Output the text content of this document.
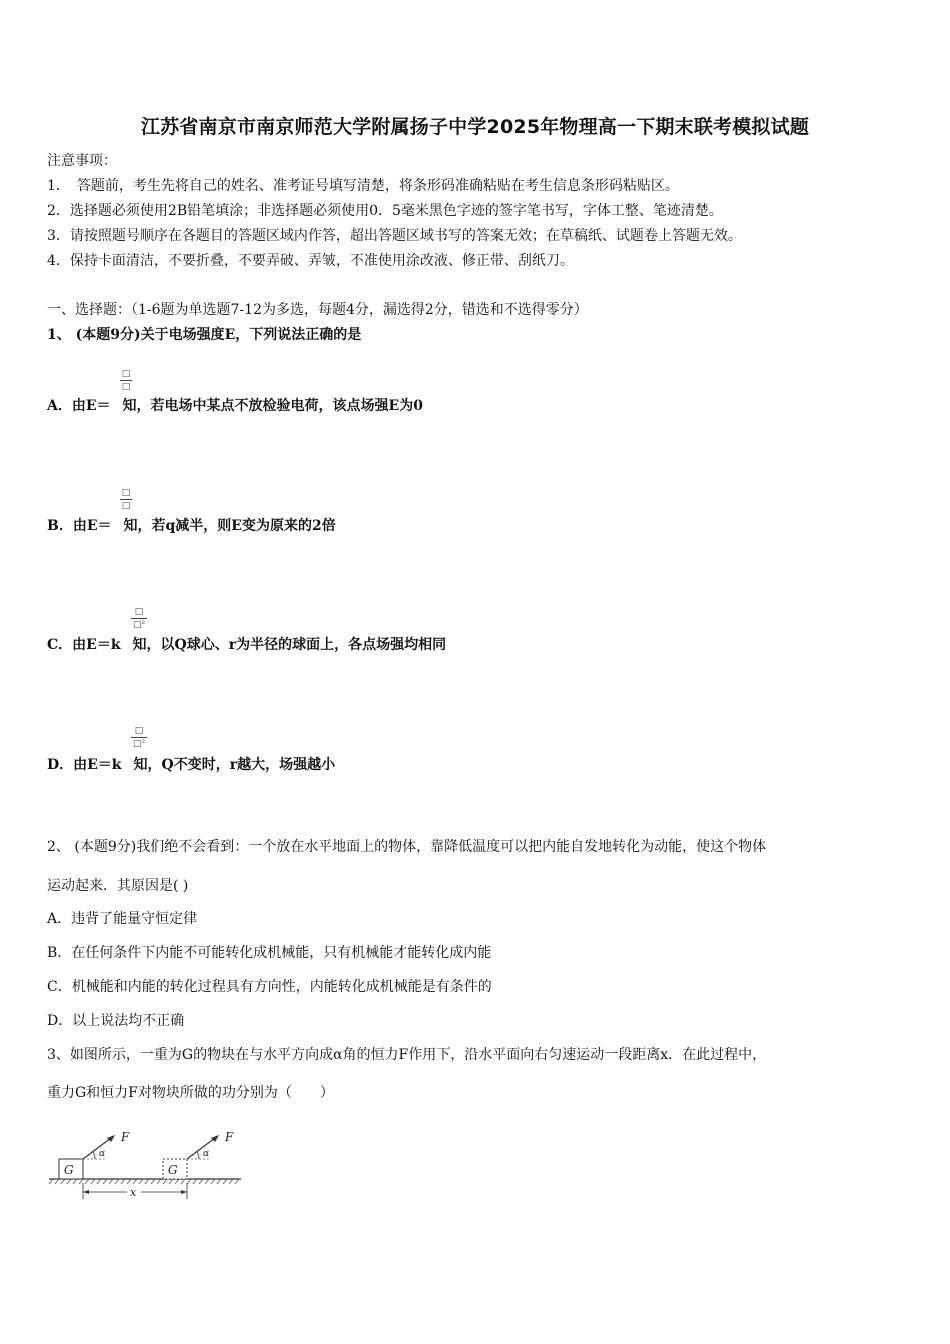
江苏省南京市南京师范大学附属扬子中学2025年物理高一下期末联考模拟试题
注意事项：
1．　答题前，考生先将自己的姓名、准考证号填写清楚，将条形码准确粘贴在考生信息条形码粘贴区。
2．选择题必须使用2B铅笔填涂；非选择题必须使用0．5毫米黑色字迹的签字笔书写，字体工整、笔迹清楚。
3．请按照题号顺序在各题目的答题区域内作答，超出答题区域书写的答案无效；在草稿纸、试题卷上答题无效。
4．保持卡面清洁，不要折叠，不要弄破、弄皱，不准使用涂改液、修正带、刮纸刀。
一、选择题：（1-6题为单选题7-12为多选，每题4分，漏选得2分，错选和不选得零分）
1、 (本题9分)关于电场强度E，下列说法正确的是
□
□
A．由E＝ 知，若电场中某点不放检验电荷，该点场强E为0
□
□
B．由E＝ 知，若q减半，则E变为原来的2倍
□
□²
C．由E＝k 知，以Q球心、r为半径的球面上，各点场强均相同
□
□²
D．由E＝k 知，Q不变时，r越大，场强越小
2、 (本题9分)我们绝不会看到：一个放在水平地面上的物体，靠降低温度可以把内能自发地转化为动能，使这个物体
运动起来．其原因是( )
A．违背了能量守恒定律
B．在任何条件下内能不可能转化成机械能，只有机械能才能转化成内能
C．机械能和内能的转化过程具有方向性，内能转化成机械能是有条件的
D．以上说法均不正确
3、如图所示，一重为G的物块在与水平方向成α角的恒力F作用下，沿水平面向右匀速运动一段距离x．在此过程中，
重力G和恒力F对物块所做的功分别为（　　）
G
α
F
G
α
F
x
